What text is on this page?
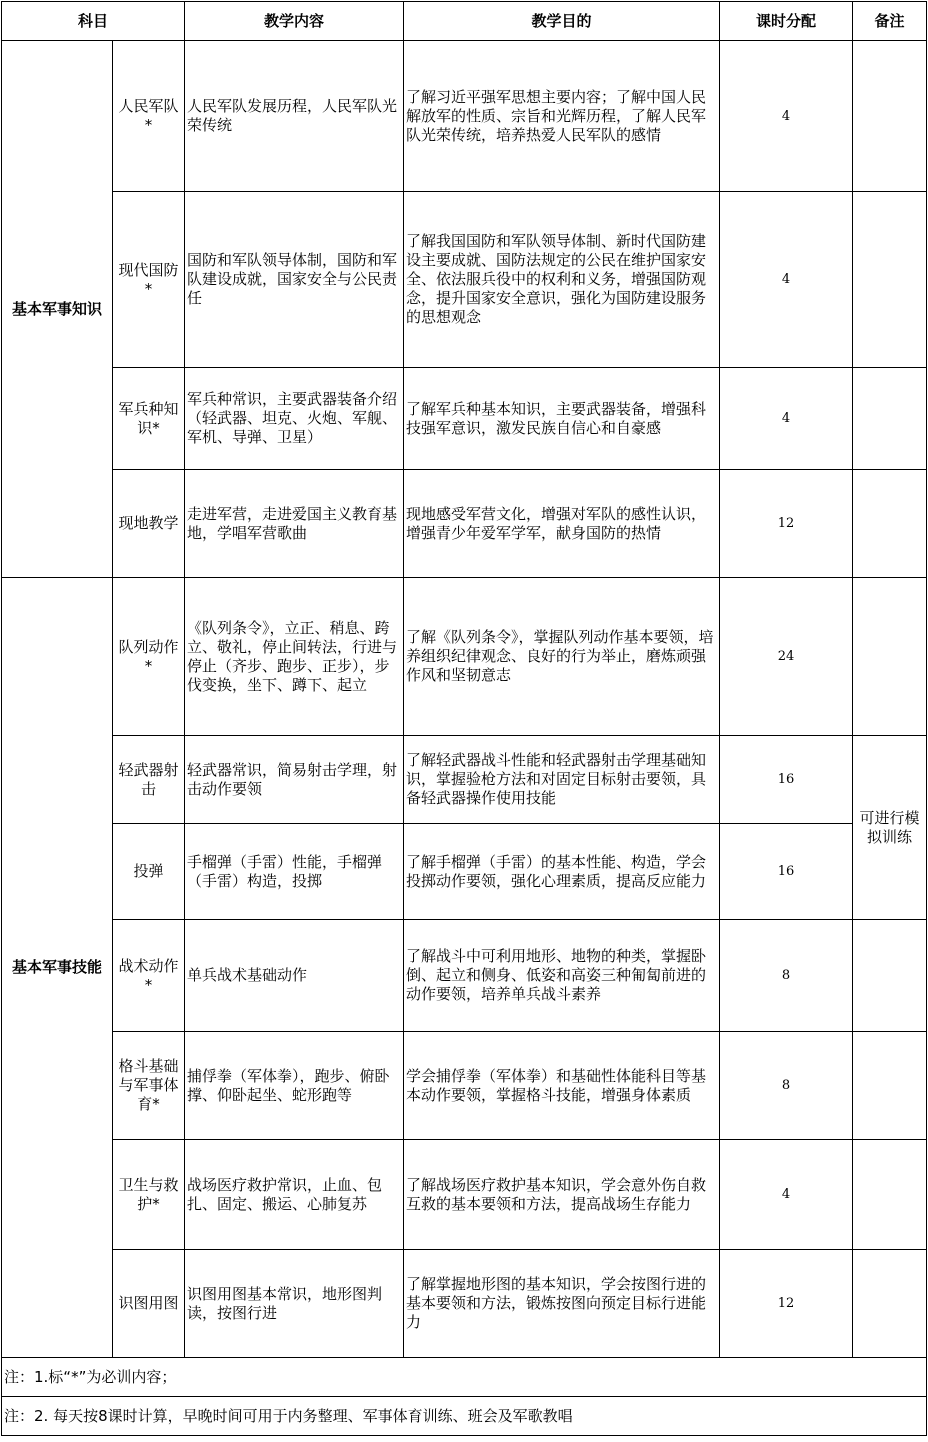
科目		教学内容	教学目的	课时分配	备注
基本军事知识	人民军队*	人民军队发展历程，人民军队光荣传统	了解习近平强军思想主要内容；了解中国人民解放军的性质、宗旨和光辉历程，了解人民军队光荣传统，培养热爱人民军队的感情	4	
	现代国防*	国防和军队领导体制，国防和军队建设成就，国家安全与公民责任	了解我国国防和军队领导体制、新时代国防建设主要成就、国防法规定的公民在维护国家安全、依法服兵役中的权利和义务，增强国防观念，提升国家安全意识，强化为国防建设服务的思想观念	4	
	军兵种知识*	军兵种常识，主要武器装备介绍（轻武器、坦克、火炮、军舰、军机、导弹、卫星）	了解军兵种基本知识，主要武器装备，增强科技强军意识，激发民族自信心和自豪感	4	
	现地教学	走进军营，走进爱国主义教育基地，学唱军营歌曲	现地感受军营文化，增强对军队的感性认识，增强青少年爱军学军，献身国防的热情	12	
基本军事技能	队列动作*	《队列条令》，立正、稍息、跨立、敬礼，停止间转法，行进与停止（齐步、跑步、正步），步伐变换，坐下、蹲下、起立	了解《队列条令》，掌握队列动作基本要领，培养组织纪律观念、良好的行为举止，磨炼顽强作风和坚韧意志	24	
	轻武器射击	轻武器常识，简易射击学理，射击动作要领	了解轻武器战斗性能和轻武器射击学理基础知识，掌握验枪方法和对固定目标射击要领，具备轻武器操作使用技能	16	可进行模拟训练
	投弹	手榴弹（手雷）性能，手榴弹（手雷）构造，投掷	了解手榴弹（手雷）的基本性能、构造，学会投掷动作要领，强化心理素质，提高反应能力	16	
	战术动作*	单兵战术基础动作	了解战斗中可利用地形、地物的种类，掌握卧倒、起立和侧身、低姿和高姿三种匍匐前进的动作要领，培养单兵战斗素养	8	
	格斗基础与军事体育*	捕俘拳（军体拳），跑步、俯卧撑、仰卧起坐、蛇形跑等	学会捕俘拳（军体拳）和基础性体能科目等基本动作要领，掌握格斗技能，增强身体素质	8	
	卫生与救护*	战场医疗救护常识，止血、包扎、固定、搬运、心肺复苏	了解战场医疗救护基本知识，学会意外伤自救互救的基本要领和方法，提高战场生存能力	4	
	识图用图	识图用图基本常识，地形图判读，按图行进	了解掌握地形图的基本知识，学会按图行进的基本要领和方法，锻炼按图向预定目标行进能力	12	
注：1.标“*”为必训内容；					
注：2. 每天按8课时计算，早晚时间可用于内务整理、军事体育训练、班会及军歌教唱					
